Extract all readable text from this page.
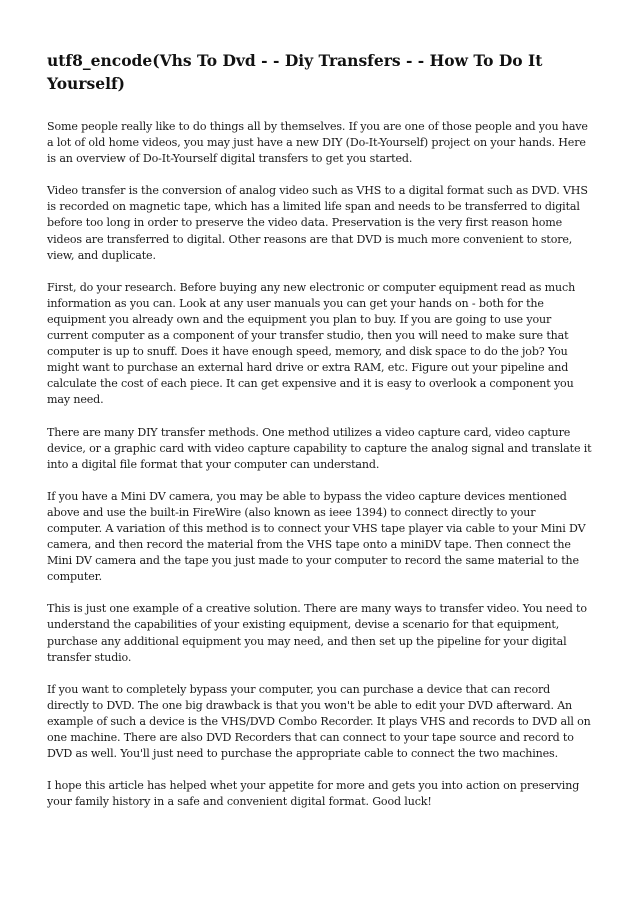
utf8_encode(Vhs To Dvd - - Diy Transfers - - How To Do It Yourself)

Some people really like to do things all by themselves. If you are one of those people and you have a lot of old home videos, you may just have a new DIY (Do-It-Yourself) project on your hands. Here is an overview of Do-It-Yourself digital transfers to get you started.

Video transfer is the conversion of analog video such as VHS to a digital format such as DVD. VHS is recorded on magnetic tape, which has a limited life span and needs to be transferred to digital before too long in order to preserve the video data. Preservation is the very first reason home videos are transferred to digital. Other reasons are that DVD is much more convenient to store, view, and duplicate.

First, do your research. Before buying any new electronic or computer equipment read as much information as you can. Look at any user manuals you can get your hands on - both for the equipment you already own and the equipment you plan to buy. If you are going to use your current computer as a component of your transfer studio, then you will need to make sure that computer is up to snuff. Does it have enough speed, memory, and disk space to do the job? You might want to purchase an external hard drive or extra RAM, etc. Figure out your pipeline and calculate the cost of each piece. It can get expensive and it is easy to overlook a component you may need.

There are many DIY transfer methods. One method utilizes a video capture card, video capture device, or a graphic card with video capture capability to capture the analog signal and translate it into a digital file format that your computer can understand.

If you have a Mini DV camera, you may be able to bypass the video capture devices mentioned above and use the built-in FireWire (also known as ieee 1394) to connect directly to your computer. A variation of this method is to connect your VHS tape player via cable to your Mini DV camera, and then record the material from the VHS tape onto a miniDV tape. Then connect the Mini DV camera and the tape you just made to your computer to record the same material to the computer.

This is just one example of a creative solution. There are many ways to transfer video. You need to understand the capabilities of your existing equipment, devise a scenario for that equipment, purchase any additional equipment you may need, and then set up the pipeline for your digital transfer studio.

If you want to completely bypass your computer, you can purchase a device that can record directly to DVD. The one big drawback is that you won't be able to edit your DVD afterward. An example of such a device is the VHS/DVD Combo Recorder. It plays VHS and records to DVD all on one machine. There are also DVD Recorders that can connect to your tape source and record to DVD as well. You'll just need to purchase the appropriate cable to connect the two machines.

I hope this article has helped whet your appetite for more and gets you into action on preserving your family history in a safe and convenient digital format. Good luck!
